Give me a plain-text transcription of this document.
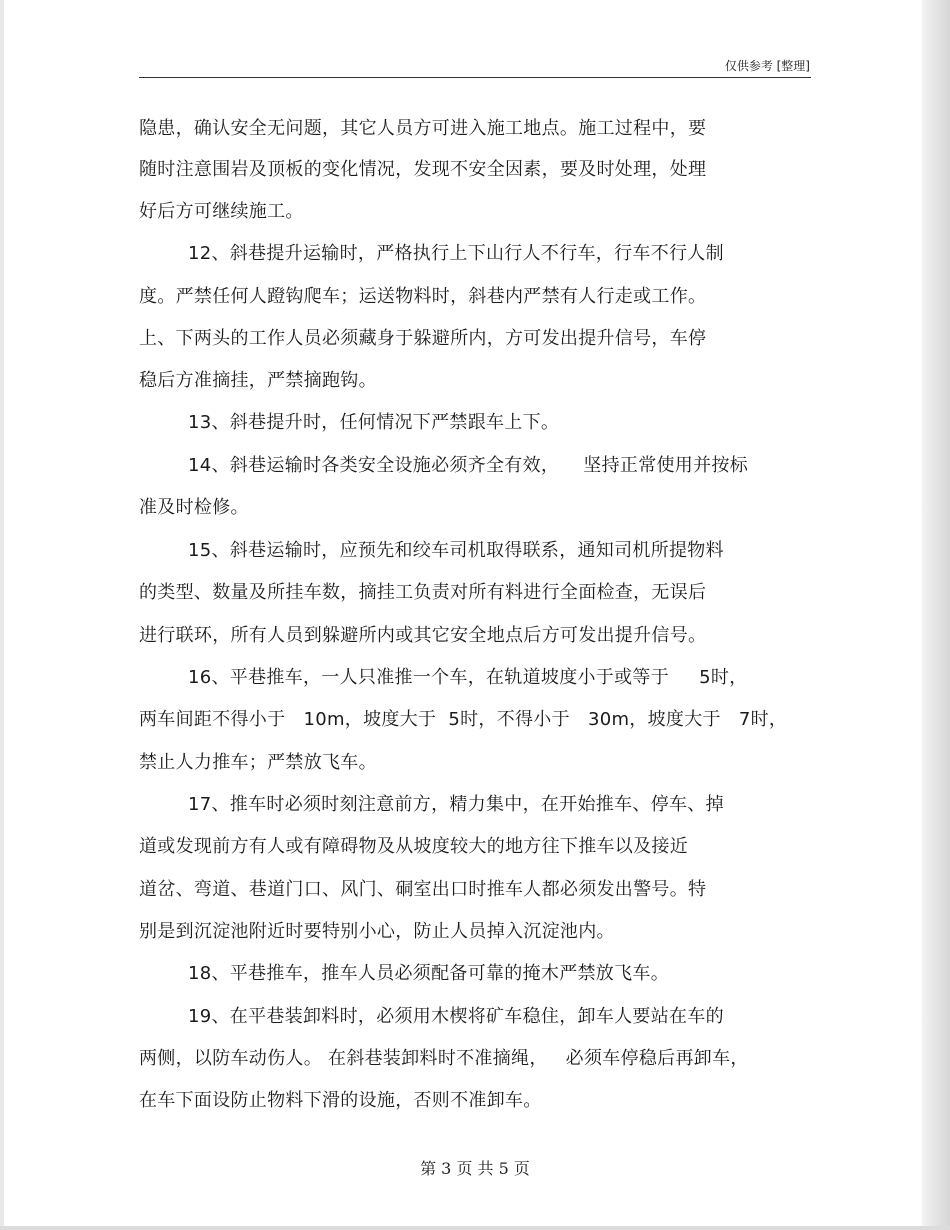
仅供参考 [整理]
隐患，确认安全无问题，其它人员方可进入施工地点。施工过程中，要
随时注意围岩及顶板的变化情况，发现不安全因素，要及时处理，处理
好后方可继续施工。
12、斜巷提升运输时，严格执行上下山行人不行车，行车不行人制
度。严禁任何人蹬钩爬车；运送物料时，斜巷内严禁有人行走或工作。
上、下两头的工作人员必须藏身于躲避所内，方可发出提升信号，车停
稳后方准摘挂，严禁摘跑钩。
13、斜巷提升时，任何情况下严禁跟车上下。
14、斜巷运输时各类安全设施必须齐全有效，    坚持正常使用并按标
准及时检修。
15、斜巷运输时，应预先和绞车司机取得联系，通知司机所提物料
的类型、数量及所挂车数，摘挂工负责对所有料进行全面检查，无误后
进行联环，所有人员到躲避所内或其它安全地点后方可发出提升信号。
16、平巷推车，一人只准推一个车，在轨道坡度小于或等于     5时，
两车间距不得小于   10m，坡度大于  5时，不得小于   30m，坡度大于   7时，
禁止人力推车；严禁放飞车。
17、推车时必须时刻注意前方，精力集中，在开始推车、停车、掉
道或发现前方有人或有障碍物及从坡度较大的地方往下推车以及接近
道岔、弯道、巷道门口、风门、硐室出口时推车人都必须发出警号。特
别是到沉淀池附近时要特别小心，防止人员掉入沉淀池内。
18、平巷推车，推车人员必须配备可靠的掩木严禁放飞车。
19、在平巷装卸料时，必须用木楔将矿车稳住，卸车人要站在车的
两侧，以防车动伤人。 在斜巷装卸料时不准摘绳，   必须车停稳后再卸车，
在车下面设防止物料下滑的设施，否则不准卸车。
第 3 页 共 5 页
